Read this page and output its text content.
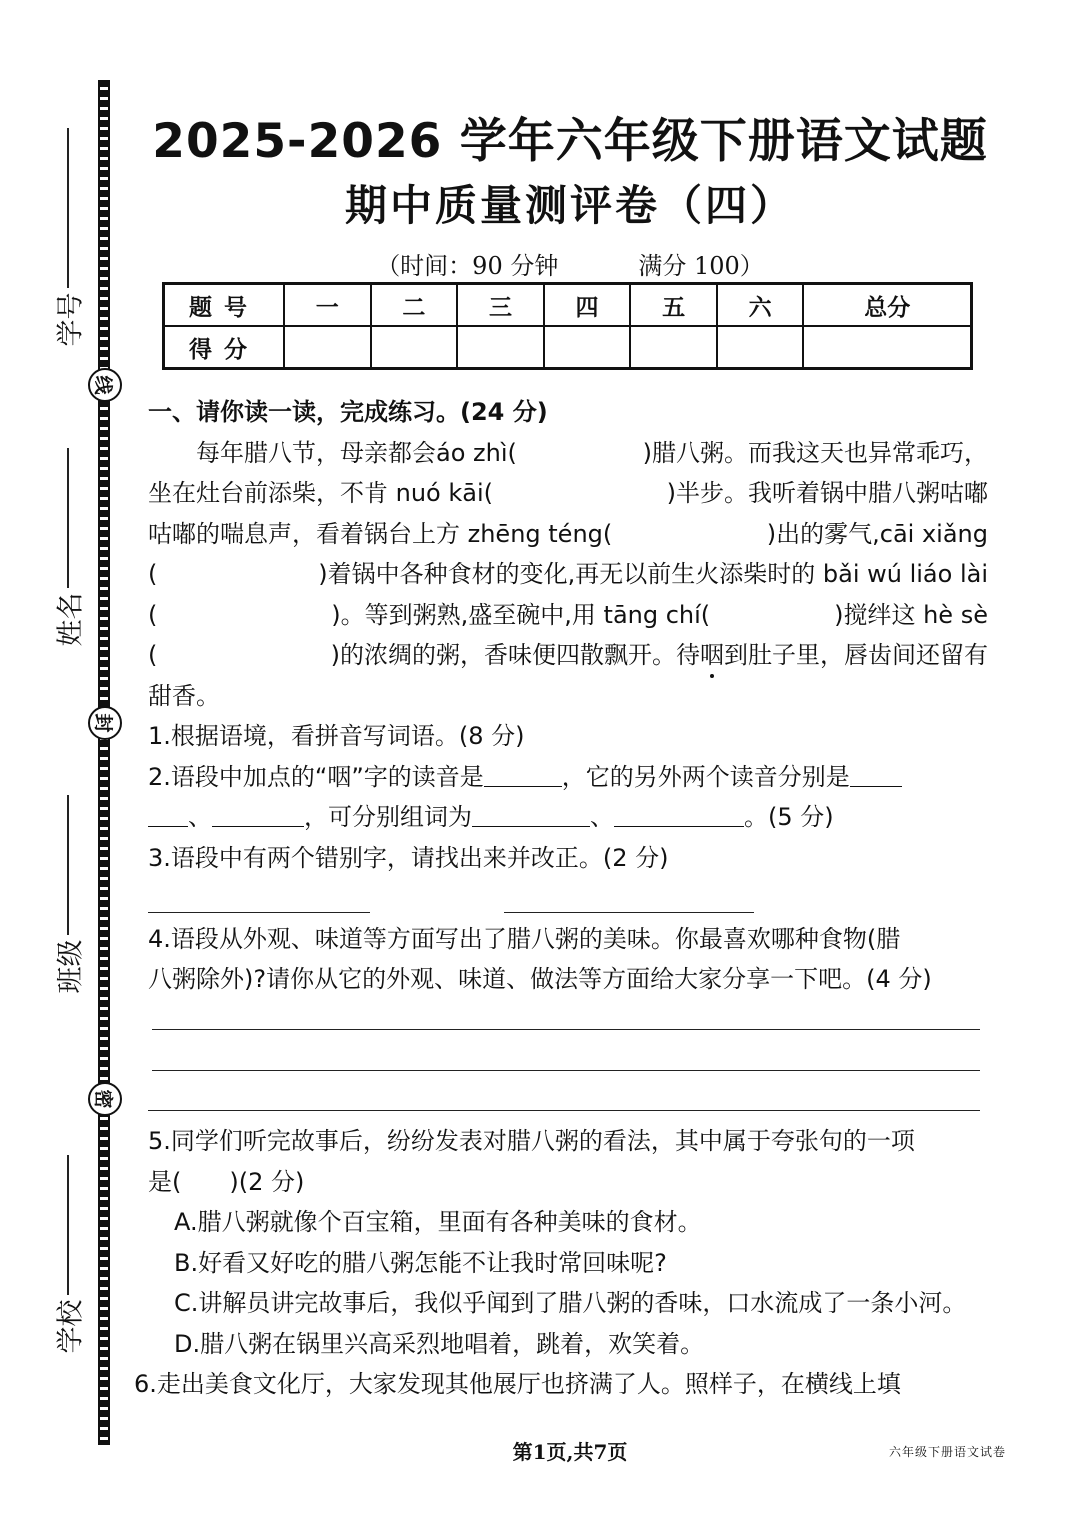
线
封
密
学号
姓名
班级
学校
2025-2026 学年六年级下册语文试题
期中质量测评卷（四）
（时间：90 分钟	满分 100）
题号	一	二	三	四	五	六	总分
得分							
一、请你读一读，完成练习。(24 分)
每年腊八节，母亲都会áo zhì(	)腊八粥。而我这天也异常乖巧，
坐在灶台前添柴，不肯 nuó kāi(	)半步。我听着锅中腊八粥咕嘟
咕嘟的喘息声，看着锅台上方 zhēng téng(	)出的雾气,cāi xiǎng
(	)着锅中各种食材的变化,再无以前生火添柴时的 bǎi wú liáo lài
(	)。等到粥熟,盛至碗中,用 tāng chí(	)搅绊这 hè sè
(	)的浓绸的粥，香味便四散飘开。待咽到肚子里，唇齿间还留有
甜香。
1.根据语境，看拼音写词语。(8 分)
2.语段中加点的“咽”字的读音是	，它的另外两个读音分别是
、	，可分别组词为	、	。(5 分)
3.语段中有两个错别字，请找出来并改正。(2 分)
4.语段从外观、味道等方面写出了腊八粥的美味。你最喜欢哪种食物(腊
八粥除外)?请你从它的外观、味道、做法等方面给大家分享一下吧。(4 分)
5.同学们听完故事后，纷纷发表对腊八粥的看法，其中属于夸张句的一项
是(　　)(2 分)
A.腊八粥就像个百宝箱，里面有各种美味的食材。
B.好看又好吃的腊八粥怎能不让我时常回味呢?
C.讲解员讲完故事后，我似乎闻到了腊八粥的香味，口水流成了一条小河。
D.腊八粥在锅里兴高采烈地唱着，跳着，欢笑着。
6.走出美食文化厅，大家发现其他展厅也挤满了人。照样子，在横线上填
第1页,共7页	六年级下册语文试卷
